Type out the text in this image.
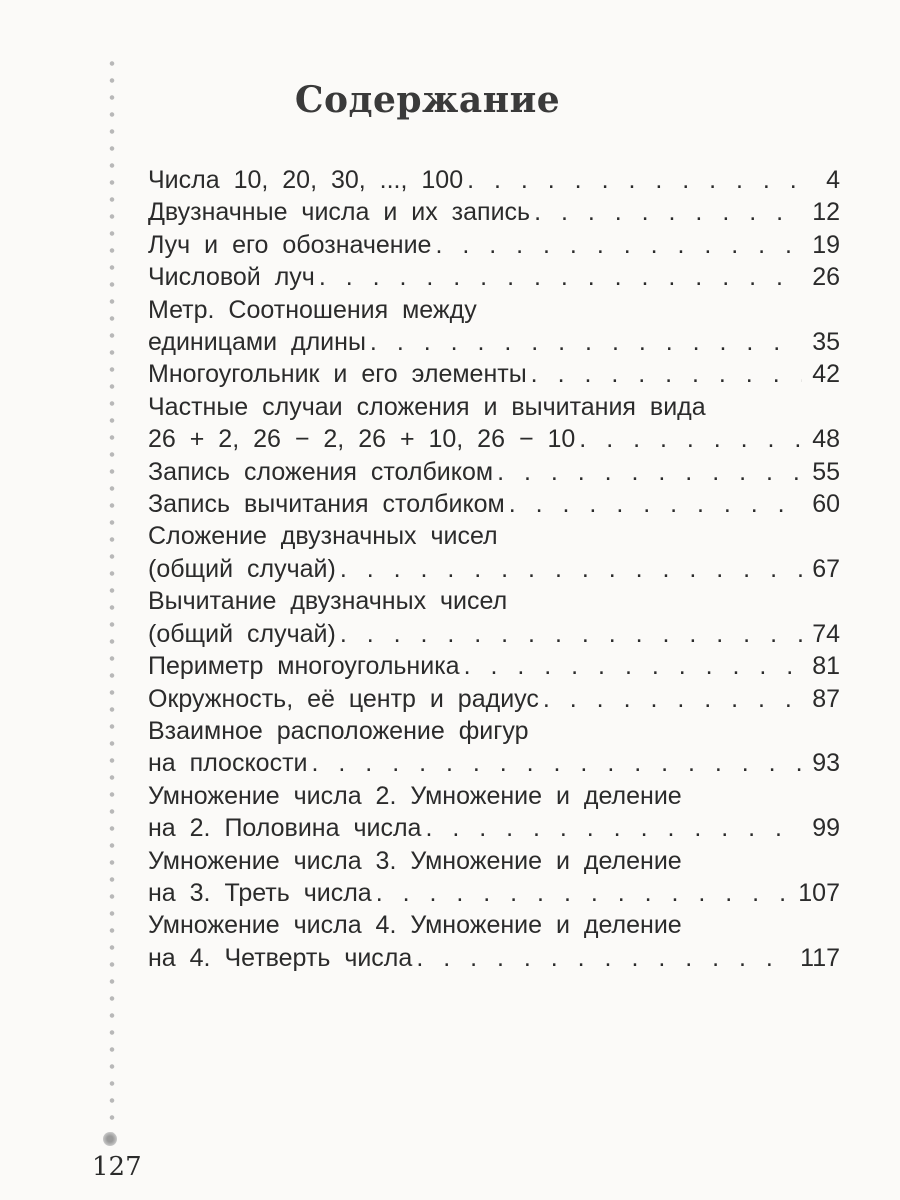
Содержание
Числа 10, 20, 30, ..., 100 . . .	4
Двузначные числа и их запись . . .	12
Луч и его обозначение . . .	19
Числовой луч . . .	26
Метр. Соотношения между
единицами длины . . .	35
Многоугольник и его элементы . . .	42
Частные случаи сложения и вычитания вида
26 + 2, 26 − 2, 26 + 10, 26 − 10 . . .	48
Запись сложения столбиком . . .	55
Запись вычитания столбиком . . .	60
Сложение двузначных чисел
(общий случай) . . .	67
Вычитание двузначных чисел
(общий случай) . . .	74
Периметр многоугольника . . .	81
Окружность, её центр и радиус . . .	87
Взаимное расположение фигур
на плоскости . . .	93
Умножение числа 2. Умножение и деление
на 2. Половина числа . . .	99
Умножение числа 3. Умножение и деление
на 3. Треть числа . . .	107
Умножение числа 4. Умножение и деление
на 4. Четверть числа . . .	117
127
